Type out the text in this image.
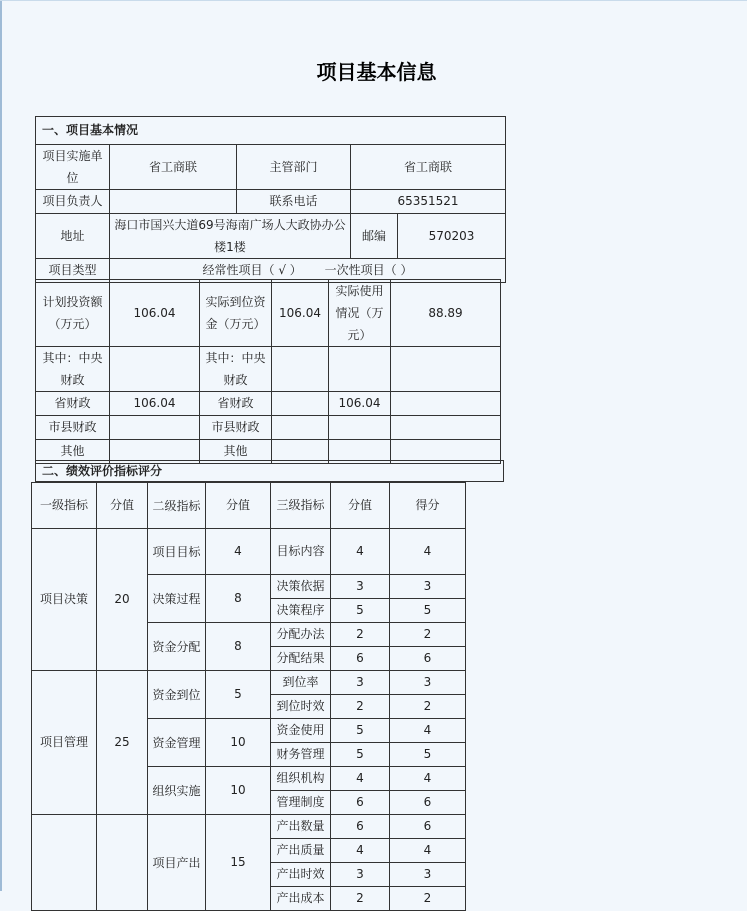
项目基本信息
一、项目基本情况				
项目实施单位	省工商联	主管部门	省工商联	
项目负责人		联系电话	65351521	
地址	海口市国兴大道69号海南广场人大政协办公楼1楼		邮编	570203
项目类型	经常性项目（ √ ）      一次性项目（ ）			
计划投资额（万元）	106.04	实际到位资金（万元）	106.04	实际使用情况（万元）	88.89
其中：中央财政		其中：中央财政			
省财政	106.04	省财政		106.04	
市县财政		市县财政			
其他		其他			
二、绩效评价指标评分
一级指标	分值	二级指标	分值	三级指标	分值	得分
项目决策	20	项目目标	4	目标内容	4	4
		决策过程	8	决策依据	3	3
				决策程序	5	5
		资金分配	8	分配办法	2	2
				分配结果	6	6
项目管理	25	资金到位	5	到位率	3	3
				到位时效	2	2
		资金管理	10	资金使用	5	4
				财务管理	5	5
		组织实施	10	组织机构	4	4
				管理制度	6	6
		项目产出	15	产出数量	6	6
				产出质量	4	4
				产出时效	3	3
				产出成本	2	2
